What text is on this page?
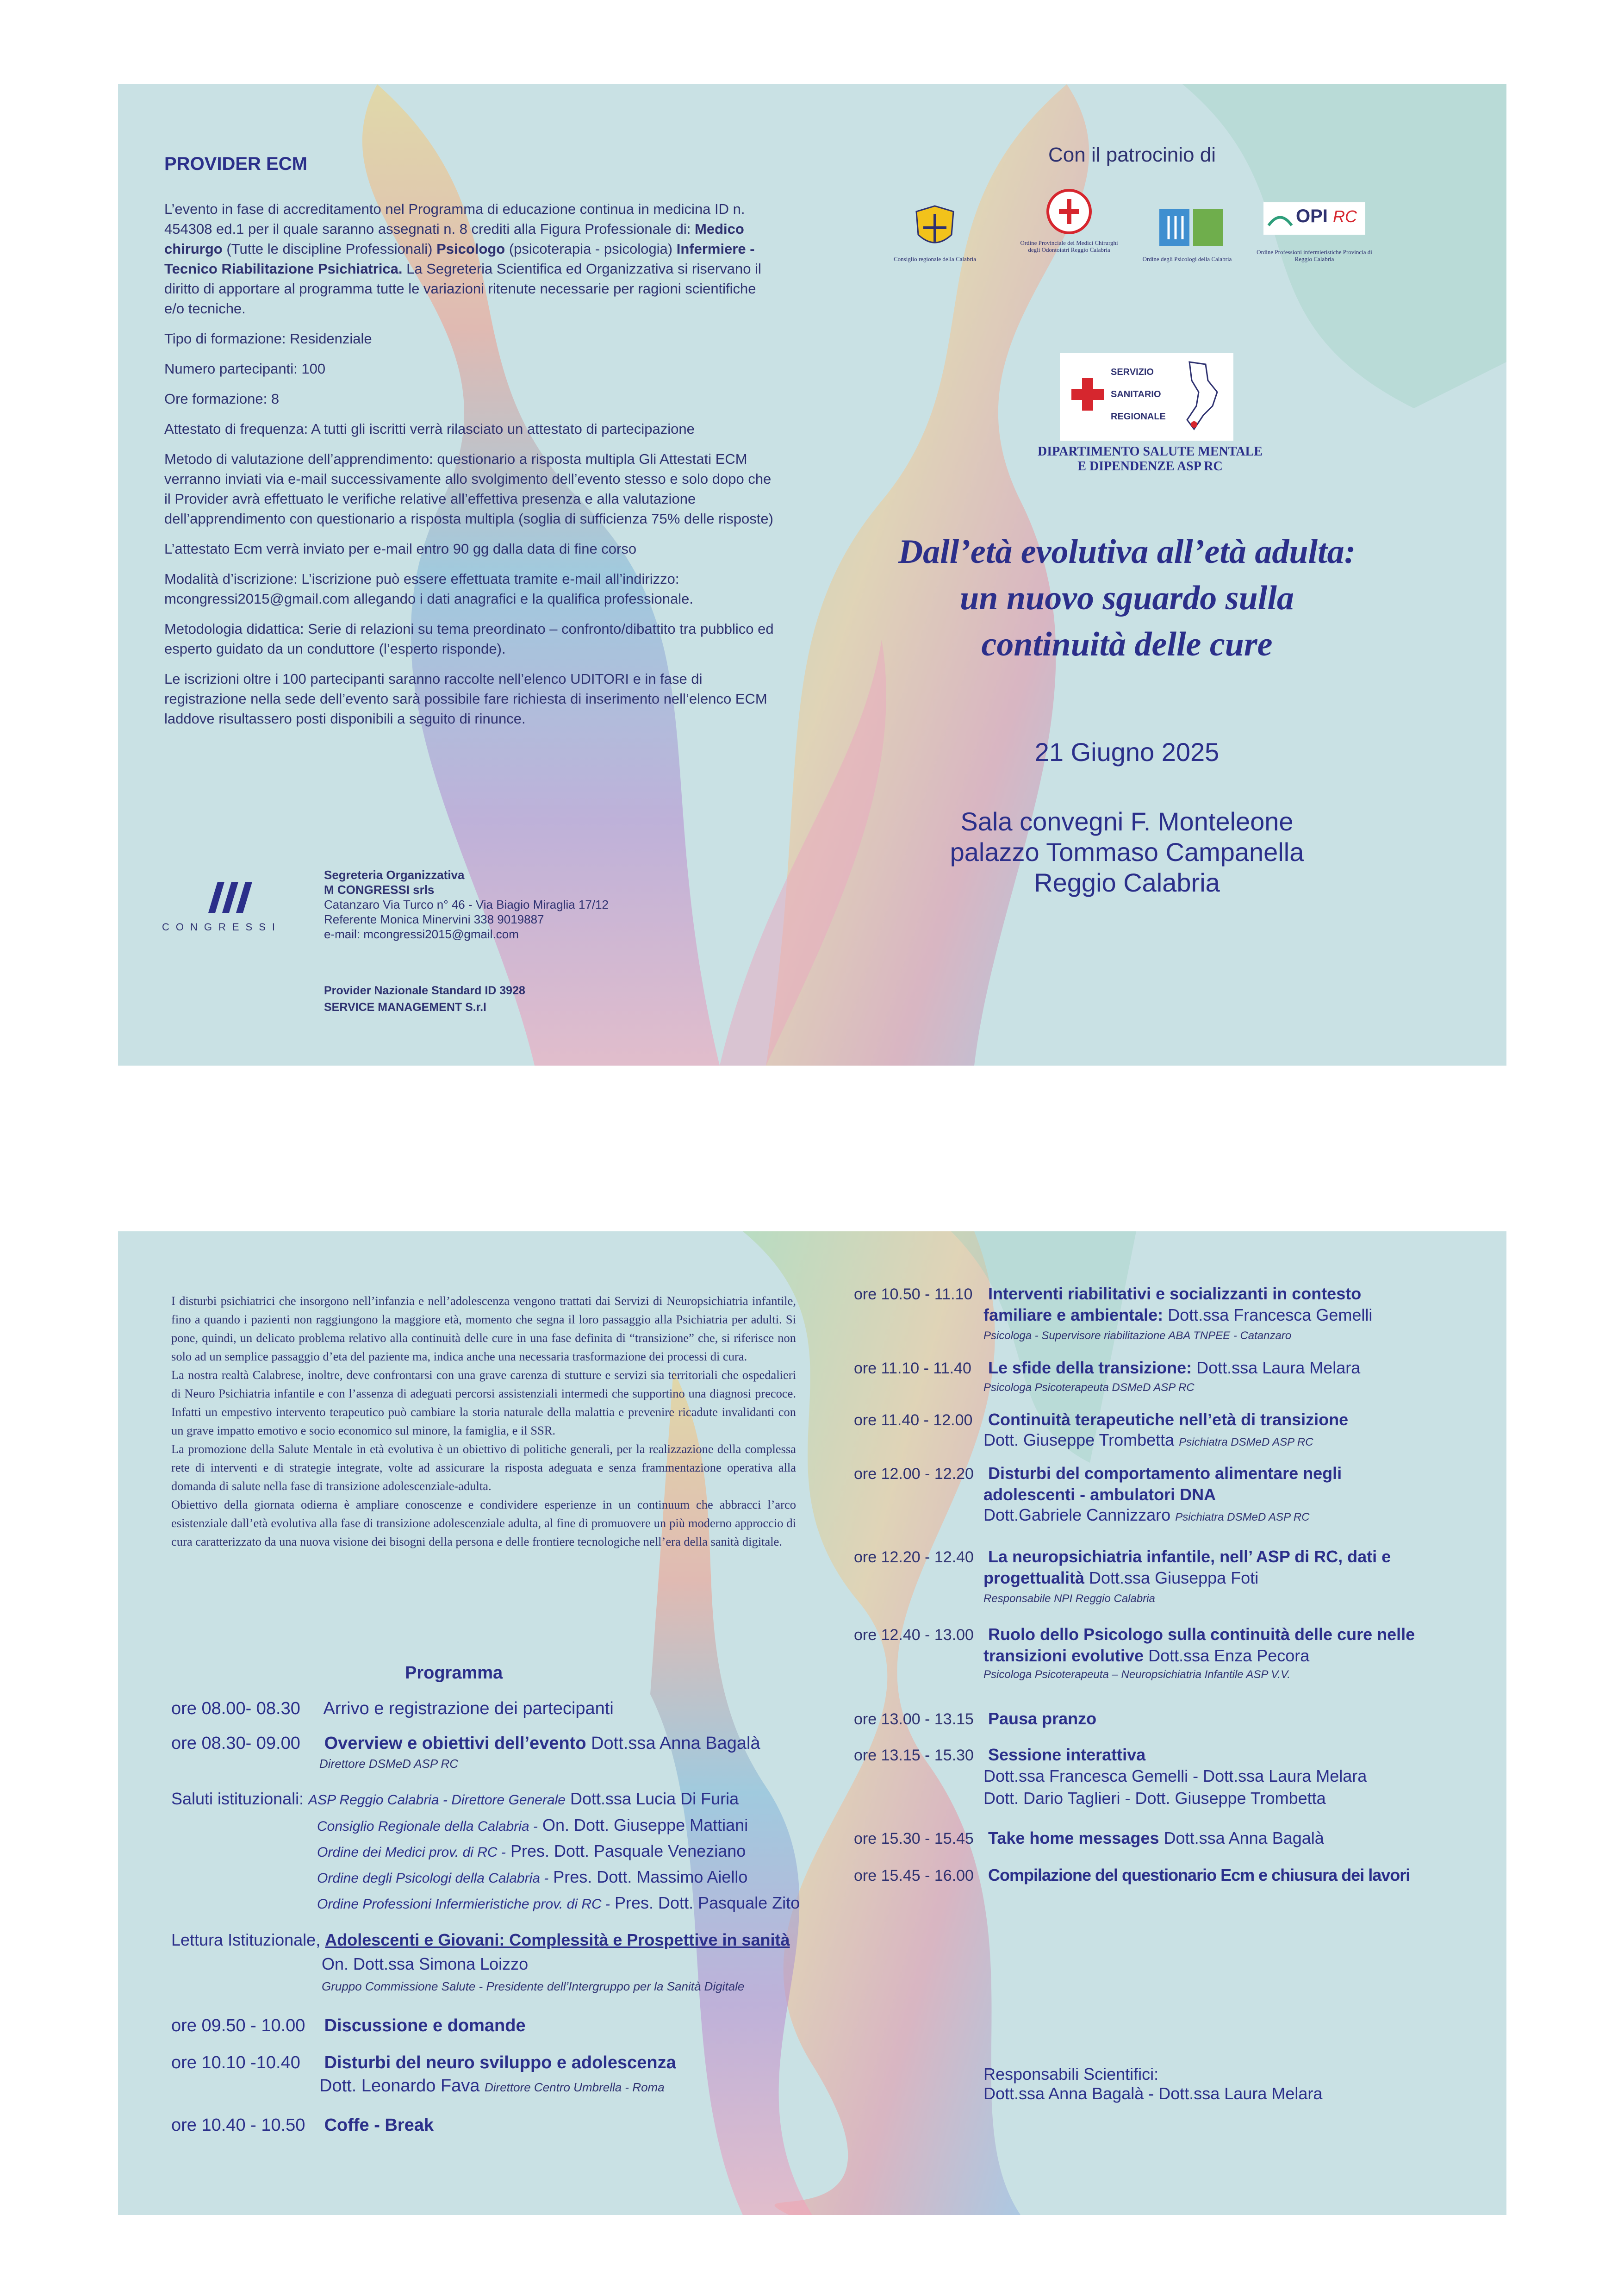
PROVIDER ECM

L’evento in fase di accreditamento nel Programma di educazione continua in medicina ID n. 454308 ed.1 per il quale saranno assegnati n. 8 crediti alla Figura Professionale di: Medico chirurgo (Tutte le discipline Professionali) Psicologo (psicoterapia - psicologia) Infermiere - Tecnico Riabilitazione Psichiatrica. La Segreteria Scientifica ed Organizzativa si riservano il diritto di apportare al programma tutte le variazioni ritenute necessarie per ragioni scientifiche e/o tecniche.

Tipo di formazione: Residenziale

Numero partecipanti: 100

Ore formazione: 8

Attestato di frequenza: A tutti gli iscritti verrà rilasciato un attestato di partecipazione

Metodo di valutazione dell’apprendimento: questionario a risposta multipla Gli Attestati ECM verranno inviati via e-mail successivamente allo svolgimento dell’evento stesso e solo dopo che il Provider avrà effettuato le verifiche relative all’effettiva presenza e alla valutazione dell’apprendimento con questionario a risposta multipla (soglia di sufficienza 75% delle risposte)

L’attestato Ecm verrà inviato per e-mail entro 90 gg dalla data di fine corso

Modalità d’iscrizione: L’iscrizione può essere effettuata tramite e-mail all’indirizzo: mcongressi2015@gmail.com allegando i dati anagrafici e la qualifica professionale.

Metodologia didattica: Serie di relazioni su tema preordinato – confronto/dibattito tra pubblico ed esperto guidato da un conduttore (l’esperto risponde).

Le iscrizioni oltre i 100 partecipanti saranno raccolte nell’elenco UDITORI e in fase di registrazione nella sede dell’evento sarà possibile fare richiesta di inserimento nell’elenco ECM laddove risultassero posti disponibili a seguito di rinunce.

CONGRESSI
Segreteria Organizzativa
M CONGRESSI srls
Catanzaro Via Turco n° 46 - Via Biagio Miraglia 17/12
Referente Monica Minervini 338 9019887
e-mail: mcongressi2015@gmail.com
Provider Nazionale Standard ID 3928
SERVICE MANAGEMENT S.r.l
Con il patrocinio di
Consiglio regionale della Calabria
Ordine Provinciale dei Medici Chirurghi degli Odontoiatri Reggio Calabria
Ordine degli Psicologi della Calabria
OPI RC
Ordine Professioni infermieristiche Provincia di Reggio Calabria
SERVIZIO
SANITARIO
REGIONALE
DIPARTIMENTO SALUTE MENTALE
E DIPENDENZE ASP RC
Dall’età evolutiva all’età adulta:
un nuovo sguardo sulla
continuità delle cure
21 Giugno 2025
Sala convegni F. Monteleone
palazzo Tommaso Campanella
Reggio Calabria

I disturbi psichiatrici che insorgono nell’infanzia e nell’adolescenza vengono trattati dai Servizi di Neuropsichiatria infantile, fino a quando i pazienti non raggiungono la maggiore età, momento che segna il loro passaggio alla Psichiatria per adulti. Si pone, quindi, un delicato problema relativo alla continuità delle cure in una fase definita di “transizione” che, si riferisce non solo ad un semplice passaggio d’eta del paziente ma, indica anche una necessaria trasformazione dei processi di cura.

La nostra realtà Calabrese, inoltre, deve confrontarsi con una grave carenza di stutture e servizi sia territoriali che ospedalieri di Neuro Psichiatria infantile e con l’assenza di adeguati percorsi assistenziali intermedi che supportino una diagnosi precoce. Infatti un empestivo intervento terapeutico può cambiare la storia naturale della malattia e prevenire ricadute invalidanti con un grave impatto emotivo e socio economico sul minore, la famiglia, e il SSR.

La promozione della Salute Mentale in età evolutiva è un obiettivo di politiche generali, per la realizzazione della complessa rete di interventi e di strategie integrate, volte ad assicurare la risposta adeguata e senza frammentazione operativa alla domanda di salute nella fase di transizione adolescenziale-adulta.

Obiettivo della giornata odierna è ampliare conoscenze e condividere esperienze in un continuum che abbracci l’arco esistenziale dall’età evolutiva alla fase di transizione adolescenziale adulta, al fine di promuovere un più moderno approccio di cura caratterizzato da una nuova visione dei bisogni della persona e delle frontiere tecnologiche nell’era della sanità digitale.

Programma
ore 08.00- 08.30 Arrivo e registrazione dei partecipanti
ore 08.30- 09.00 Overview e obiettivi dell’evento Dott.ssa Anna Bagalà
Direttore DSMeD ASP RC
Saluti istituzionali: ASP Reggio Calabria - Direttore Generale Dott.ssa Lucia Di Furia
Consiglio Regionale della Calabria - On. Dott. Giuseppe Mattiani
Ordine dei Medici prov. di RC - Pres. Dott. Pasquale Veneziano
Ordine degli Psicologi della Calabria - Pres. Dott. Massimo Aiello
Ordine Professioni Infermieristiche prov. di RC - Pres. Dott. Pasquale Zito
Lettura Istituzionale, Adolescenti e Giovani: Complessità e Prospettive in sanità
On. Dott.ssa Simona Loizzo
Gruppo Commissione Salute - Presidente dell’Intergruppo per la Sanità Digitale
ore 09.50 - 10.00 Discussione e domande
ore 10.10 -10.40 Disturbi del neuro sviluppo e adolescenza
Dott. Leonardo Fava Direttore Centro Umbrella - Roma
ore 10.40 - 10.50 Coffe - Break
ore 10.50 - 11.10 Interventi riabilitativi e socializzanti in contesto
familiare e ambientale: Dott.ssa Francesca Gemelli
Psicologa - Supervisore riabilitazione ABA TNPEE - Catanzaro
ore 11.10 - 11.40 Le sfide della transizione: Dott.ssa Laura Melara
Psicologa Psicoterapeuta DSMeD ASP RC
ore 11.40 - 12.00 Continuità terapeutiche nell’età di transizione
Dott. Giuseppe Trombetta Psichiatra DSMeD ASP RC
ore 12.00 - 12.20 Disturbi del comportamento alimentare negli
adolescenti - ambulatori DNA
Dott.Gabriele Cannizzaro Psichiatra DSMeD ASP RC
ore 12.20 - 12.40 La neuropsichiatria infantile, nell’ ASP di RC, dati e
progettualità Dott.ssa Giuseppa Foti
Responsabile NPI Reggio Calabria
ore 12.40 - 13.00 Ruolo dello Psicologo sulla continuità delle cure nelle
transizioni evolutive Dott.ssa Enza Pecora
Psicologa Psicoterapeuta – Neuropsichiatria Infantile ASP V.V.
ore 13.00 - 13.15 Pausa pranzo
ore 13.15 - 15.30 Sessione interattiva
Dott.ssa Francesca Gemelli - Dott.ssa Laura Melara
Dott. Dario Taglieri - Dott. Giuseppe Trombetta
ore 15.30 - 15.45 Take home messages Dott.ssa Anna Bagalà
ore 15.45 - 16.00 Compilazione del questionario Ecm e chiusura dei lavori
Responsabili Scientifici:
Dott.ssa Anna Bagalà - Dott.ssa Laura Melara
